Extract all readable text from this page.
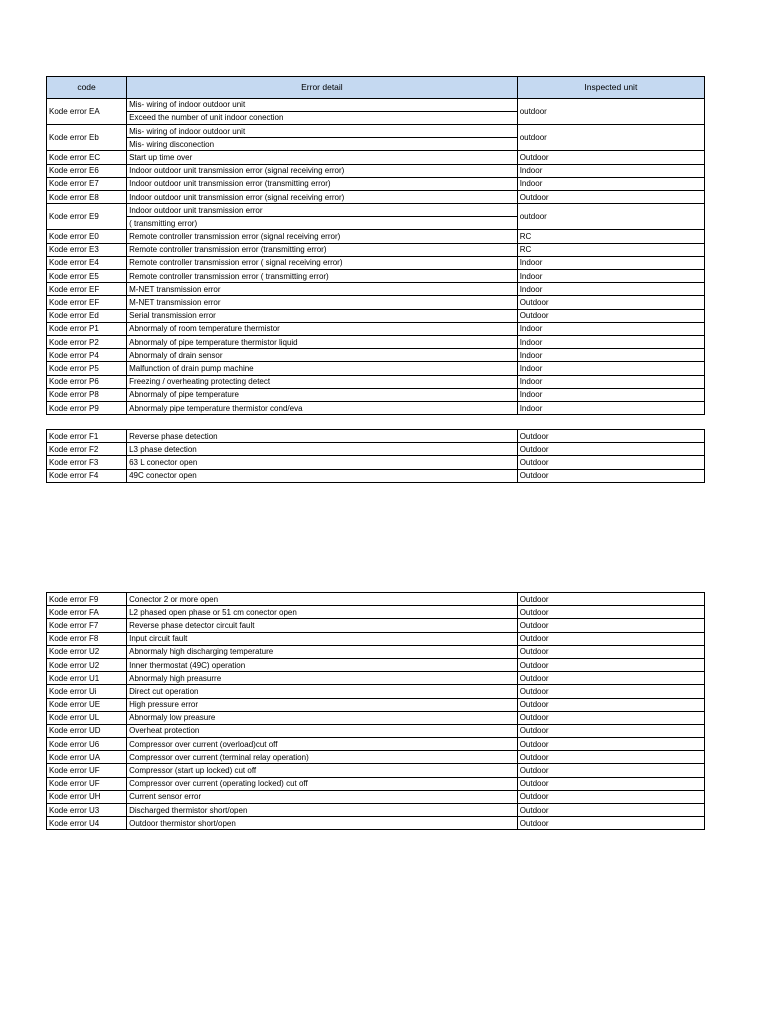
code	Error detail	Inspected unit
Kode error EA	Mis- wiring of indoor outdoor unit	outdoor
	Exceed the number of unit indoor conection	
Kode error Eb	Mis- wiring of indoor outdoor unit	outdoor
	Mis- wiring disconection	
Kode error EC	Start up time over	Outdoor
Kode error E6	Indoor outdoor unit transmission error (signal receiving error)	Indoor
Kode error E7	Indoor outdoor unit transmission error (transmitting error)	Indoor
Kode error E8	Indoor outdoor unit transmission error (signal receiving error)	Outdoor
Kode error E9	Indoor outdoor unit transmission error	outdoor
	( transmitting error)	
Kode error E0	Remote controller transmission error (signal receiving error)	RC
Kode error E3	Remote controller transmission error (transmitting error)	RC
Kode error E4	Remote controller transmission error ( signal receiving error)	Indoor
Kode error E5	Remote controller transmission error ( transmitting error)	Indoor
Kode error EF	M-NET transmission error	Indoor
Kode error EF	M-NET transmission error	Outdoor
Kode error Ed	Serial transmission error	Outdoor
Kode error P1	Abnormaly of room temperature thermistor	Indoor
Kode error P2	Abnormaly of pipe temperature thermistor liquid	Indoor
Kode error P4	Abnormaly of drain sensor	Indoor
Kode error P5	Malfunction of drain pump machine	Indoor
Kode error P6	Freezing / overheating protecting detect	Indoor
Kode error P8	Abnormaly of pipe temperature	Indoor
Kode error P9	Abnormaly pipe temperature thermistor cond/eva	Indoor
Kode error F1	Reverse phase detection	Outdoor
Kode error F2	L3 phase detection	Outdoor
Kode error F3	63 L conector open	Outdoor
Kode error F4	49C conector open	Outdoor
Kode error F9	Conector 2 or more open	Outdoor
Kode error FA	L2 phased open phase or 51 cm conector open	Outdoor
Kode error F7	Reverse phase detector circuit fault	Outdoor
Kode error F8	Input circuit fault	Outdoor
Kode error U2	Abnormaly high discharging temperature	Outdoor
Kode error U2	Inner thermostat (49C) operation	Outdoor
Kode error U1	Abnormaly high preasurre	Outdoor
Kode error Ui	Direct cut operation	Outdoor
Kode error UE	High pressure error	Outdoor
Kode error UL	Abnormaly low preasure	Outdoor
Kode error UD	Overheat protection	Outdoor
Kode error U6	Compressor over current (overload)cut off	Outdoor
Kode error UA	Compressor over current (terminal relay operation)	Outdoor
Kode error UF	Compressor (start up locked) cut off	Outdoor
Kode error UF	Compressor over current (operating locked) cut off	Outdoor
Kode error UH	Current sensor error	Outdoor
Kode error U3	Discharged thermistor short/open	Outdoor
Kode error U4	Outdoor thermistor short/open	Outdoor
